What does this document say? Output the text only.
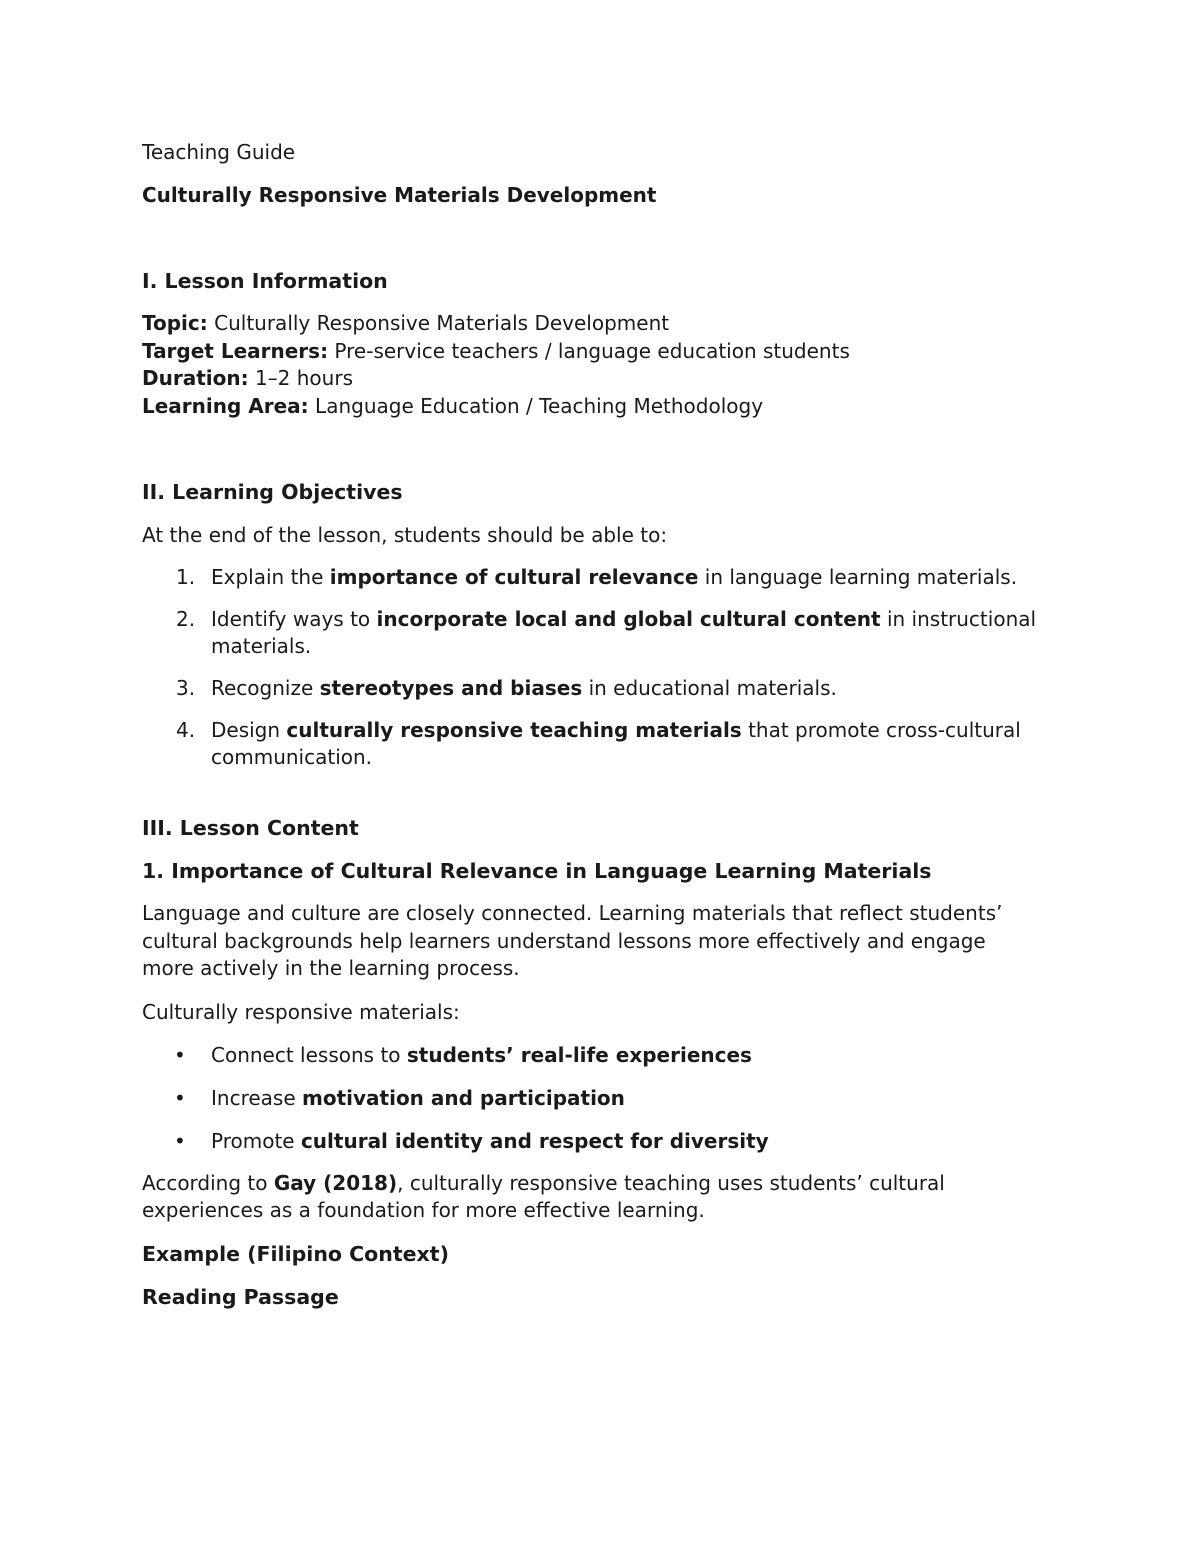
Teaching Guide

Culturally Responsive Materials Development

I. Lesson Information

Topic: Culturally Responsive Materials Development

Target Learners: Pre-service teachers / language education students

Duration: 1–2 hours

Learning Area: Language Education / Teaching Methodology

II. Learning Objectives

At the end of the lesson, students should be able to:

1. Explain the importance of cultural relevance in language learning materials.
2. Identify ways to incorporate local and global cultural content in instructional materials.
3. Recognize stereotypes and biases in educational materials.
4. Design culturally responsive teaching materials that promote cross-cultural communication.

III. Lesson Content

1. Importance of Cultural Relevance in Language Learning Materials

Language and culture are closely connected. Learning materials that reflect students’ cultural backgrounds help learners understand lessons more effectively and engage more actively in the learning process.

Culturally responsive materials:

• Connect lessons to students’ real-life experiences
• Increase motivation and participation
• Promote cultural identity and respect for diversity

According to Gay (2018), culturally responsive teaching uses students’ cultural experiences as a foundation for more effective learning.

Example (Filipino Context)

Reading Passage
